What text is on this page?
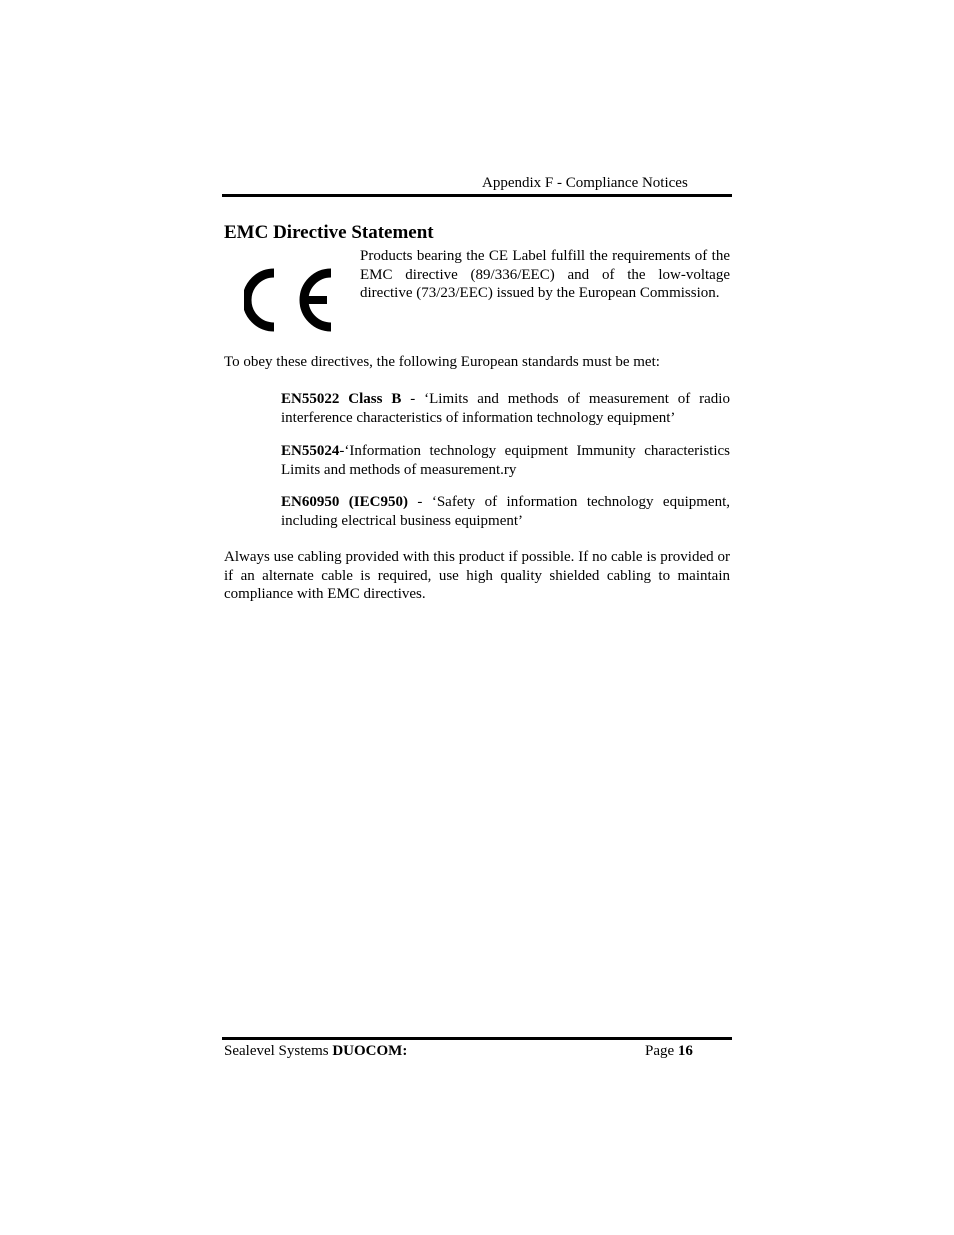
Appendix F - Compliance Notices
EMC Directive Statement

Products bearing the CE Label fulfill the requirements of the EMC directive (89/336/EEC) and of the low-voltage directive (73/23/EEC) issued by the European Commission.

To obey these directives, the following European standards must be met:

EN55022 Class B - ‘Limits and methods of measurement of radio interference characteristics of information technology equipment’

EN55024-‘Information technology equipment Immunity characteristics Limits and methods of measurement.ry

EN60950 (IEC950) - ‘Safety of information technology equipment, including electrical business equipment’

Always use cabling provided with this product if possible. If no cable is provided or if an alternate cable is required, use high quality shielded cabling to maintain compliance with EMC directives.

Sealevel Systems DUOCOM:	Page 16
